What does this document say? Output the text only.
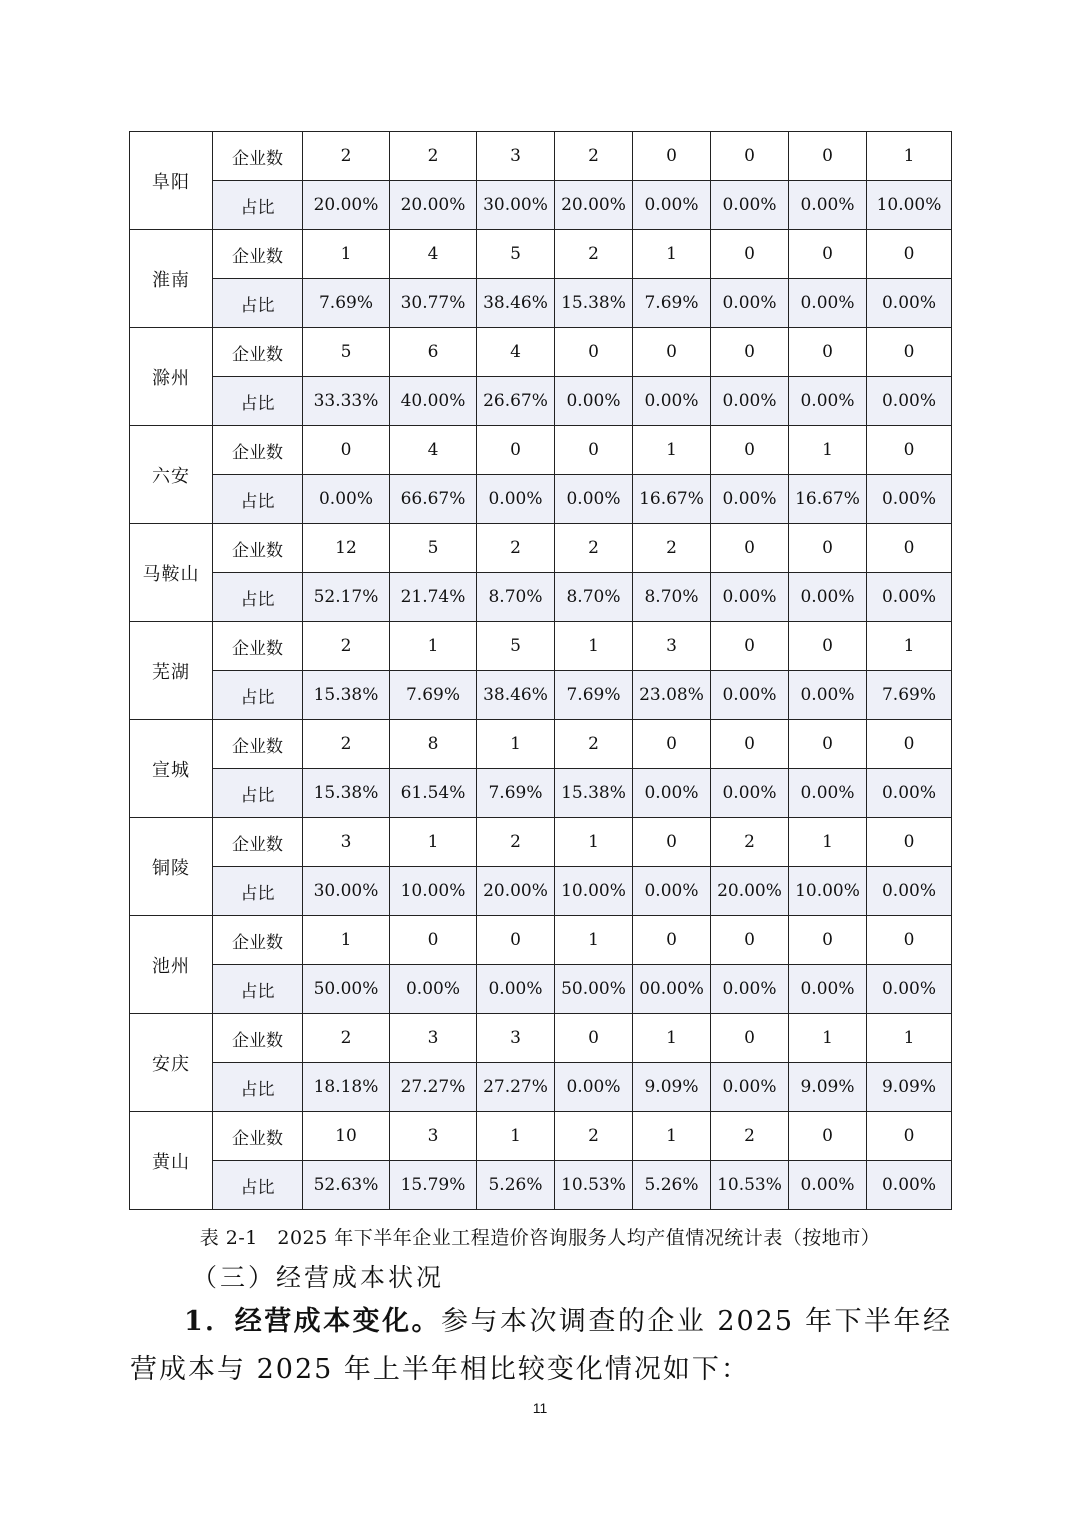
阜阳	企业数	2	2	3	2	0	0	0	1
	占比	20.00%	20.00%	30.00%	20.00%	0.00%	0.00%	0.00%	10.00%
淮南	企业数	1	4	5	2	1	0	0	0
	占比	7.69%	30.77%	38.46%	15.38%	7.69%	0.00%	0.00%	0.00%
滁州	企业数	5	6	4	0	0	0	0	0
	占比	33.33%	40.00%	26.67%	0.00%	0.00%	0.00%	0.00%	0.00%
六安	企业数	0	4	0	0	1	0	1	0
	占比	0.00%	66.67%	0.00%	0.00%	16.67%	0.00%	16.67%	0.00%
马鞍山	企业数	12	5	2	2	2	0	0	0
	占比	52.17%	21.74%	8.70%	8.70%	8.70%	0.00%	0.00%	0.00%
芜湖	企业数	2	1	5	1	3	0	0	1
	占比	15.38%	7.69%	38.46%	7.69%	23.08%	0.00%	0.00%	7.69%
宣城	企业数	2	8	1	2	0	0	0	0
	占比	15.38%	61.54%	7.69%	15.38%	0.00%	0.00%	0.00%	0.00%
铜陵	企业数	3	1	2	1	0	2	1	0
	占比	30.00%	10.00%	20.00%	10.00%	0.00%	20.00%	10.00%	0.00%
池州	企业数	1	0	0	1	0	0	0	0
	占比	50.00%	0.00%	0.00%	50.00%	00.00%	0.00%	0.00%	0.00%
安庆	企业数	2	3	3	0	1	0	1	1
	占比	18.18%	27.27%	27.27%	0.00%	9.09%	0.00%	9.09%	9.09%
黄山	企业数	10	3	1	2	1	2	0	0
	占比	52.63%	15.79%	5.26%	10.53%	5.26%	10.53%	0.00%	0.00%
表 2-1　2025 年下半年企业工程造价咨询服务人均产值情况统计表（按地市）
（三）经营成本状况
1．经营成本变化。参与本次调查的企业 2025 年下半年经营成本与 2025 年上半年相比较变化情况如下：
11
